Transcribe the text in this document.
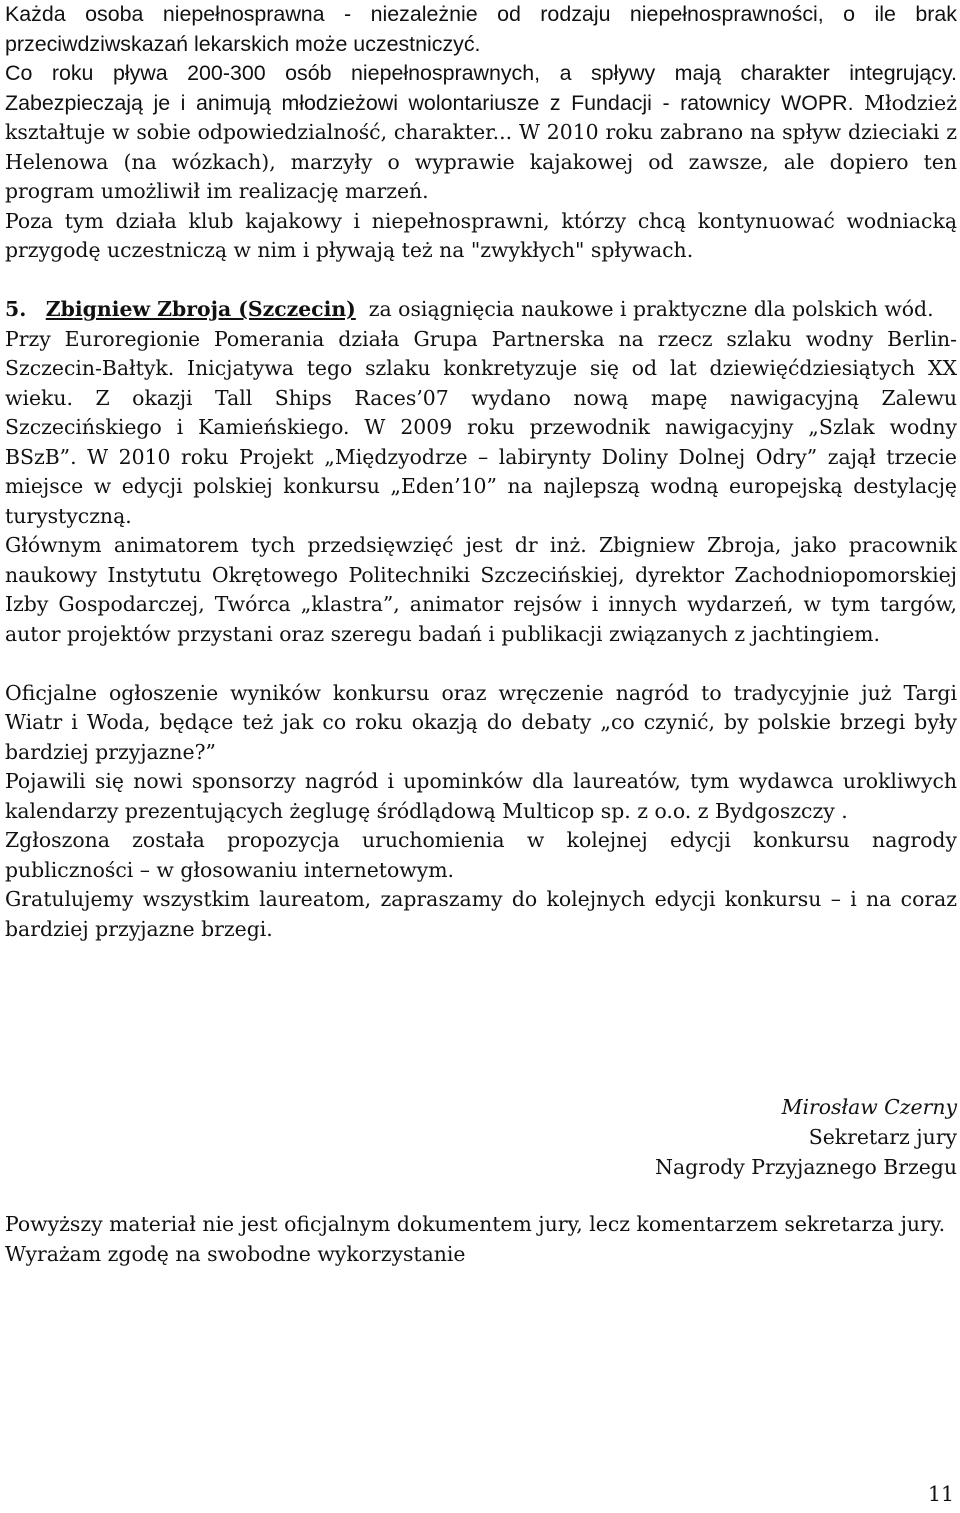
Każda osoba niepełnosprawna - niezależnie od rodzaju niepełnosprawności, o ile brak przeciwdziwskazań lekarskich może uczestniczyć.

Co roku pływa 200-300 osób niepełnosprawnych, a spływy mają charakter integrujący. Zabezpieczają je i animują młodzieżowi wolontariusze z Fundacji - ratownicy WOPR. Młodzież kształtuje w sobie odpowiedzialność, charakter... W 2010 roku zabrano na spływ dzieciaki z Helenowa (na wózkach), marzyły o wyprawie kajakowej od zawsze, ale dopiero ten program umożliwił im realizację marzeń.

Poza tym działa klub kajakowy i niepełnosprawni, którzy chcą kontynuować wodniacką przygodę uczestniczą w nim i pływają też na "zwykłych" spływach.

5. Zbigniew Zbroja (Szczecin) za osiągnięcia naukowe i praktyczne dla polskich wód.

Przy Euroregionie Pomerania działa Grupa Partnerska na rzecz szlaku wodny Berlin-Szczecin-Bałtyk. Inicjatywa tego szlaku konkretyzuje się od lat dziewięćdziesiątych XX wieku. Z okazji Tall Ships Races’07 wydano nową mapę nawigacyjną Zalewu Szczecińskiego i Kamieńskiego. W 2009 roku przewodnik nawigacyjny „Szlak wodny BSzB”. W 2010 roku Projekt „Międzyodrze – labirynty Doliny Dolnej Odry” zajął trzecie miejsce w edycji polskiej konkursu „Eden’10” na najlepszą wodną europejską destylację turystyczną.

Głównym animatorem tych przedsięwzięć jest dr inż. Zbigniew Zbroja, jako pracownik naukowy Instytutu Okrętowego Politechniki Szczecińskiej, dyrektor Zachodniopomorskiej Izby Gospodarczej, Twórca „klastra”, animator rejsów i innych wydarzeń, w tym targów, autor projektów przystani oraz szeregu badań i publikacji związanych z jachtingiem.

Oficjalne ogłoszenie wyników konkursu oraz wręczenie nagród to tradycyjnie już Targi Wiatr i Woda, będące też jak co roku okazją do debaty „co czynić, by polskie brzegi były bardziej przyjazne?”

Pojawili się nowi sponsorzy nagród i upominków dla laureatów, tym wydawca urokliwych kalendarzy prezentujących żeglugę śródlądową Multicop sp. z o.o. z Bydgoszczy .

Zgłoszona została propozycja uruchomienia w kolejnej edycji konkursu nagrody publiczności – w głosowaniu internetowym.

Gratulujemy wszystkim laureatom, zapraszamy do kolejnych edycji konkursu – i na coraz bardziej przyjazne brzegi.

Mirosław Czerny
Sekretarz jury
Nagrody Przyjaznego Brzegu

Powyższy materiał nie jest oficjalnym dokumentem jury, lecz komentarzem sekretarza jury.

Wyrażam zgodę na swobodne wykorzystanie

11
